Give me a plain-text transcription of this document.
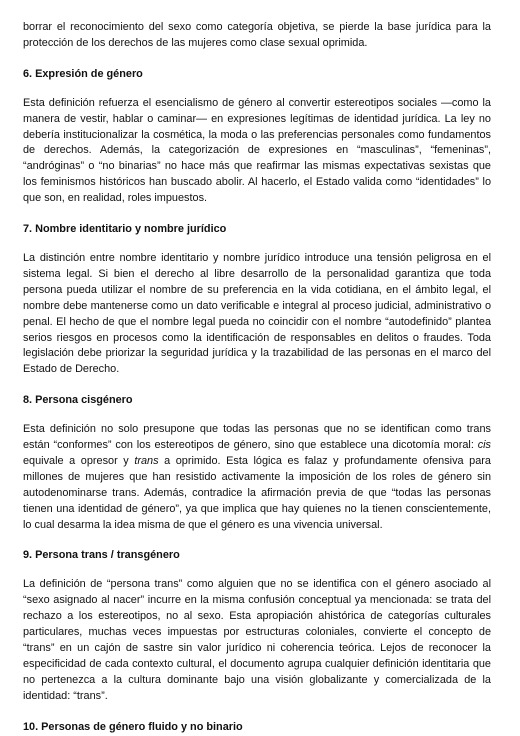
borrar el reconocimiento del sexo como categoría objetiva, se pierde la base jurídica para la protección de los derechos de las mujeres como clase sexual oprimida.

6. Expresión de género

Esta definición refuerza el esencialismo de género al convertir estereotipos sociales —como la manera de vestir, hablar o caminar— en expresiones legítimas de identidad jurídica. La ley no debería institucionalizar la cosmética, la moda o las preferencias personales como fundamentos de derechos. Además, la categorización de expresiones en “masculinas”, “femeninas”, “andróginas” o “no binarias” no hace más que reafirmar las mismas expectativas sexistas que los feminismos históricos han buscado abolir. Al hacerlo, el Estado valida como “identidades” lo que son, en realidad, roles impuestos.

7. Nombre identitario y nombre jurídico

La distinción entre nombre identitario y nombre jurídico introduce una tensión peligrosa en el sistema legal. Si bien el derecho al libre desarrollo de la personalidad garantiza que toda persona pueda utilizar el nombre de su preferencia en la vida cotidiana, en el ámbito legal, el nombre debe mantenerse como un dato verificable e integral al proceso judicial, administrativo o penal. El hecho de que el nombre legal pueda no coincidir con el nombre “autodefinido” plantea serios riesgos en procesos como la identificación de responsables en delitos o fraudes. Toda legislación debe priorizar la seguridad jurídica y la trazabilidad de las personas en el marco del Estado de Derecho.

8. Persona cisgénero

Esta definición no solo presupone que todas las personas que no se identifican como trans están “conformes” con los estereotipos de género, sino que establece una dicotomía moral: cis equivale a opresor y trans a oprimido. Esta lógica es falaz y profundamente ofensiva para millones de mujeres que han resistido activamente la imposición de los roles de género sin autodenominarse trans. Además, contradice la afirmación previa de que “todas las personas tienen una identidad de género”, ya que implica que hay quienes no la tienen conscientemente, lo cual desarma la idea misma de que el género es una vivencia universal.

9. Persona trans / transgénero

La definición de “persona trans” como alguien que no se identifica con el género asociado al “sexo asignado al nacer” incurre en la misma confusión conceptual ya mencionada: se trata del rechazo a los estereotipos, no al sexo. Esta apropiación ahistórica de categorías culturales particulares, muchas veces impuestas por estructuras coloniales, convierte el concepto de “trans” en un cajón de sastre sin valor jurídico ni coherencia teórica. Lejos de reconocer la especificidad de cada contexto cultural, el documento agrupa cualquier definición identitaria que no pertenezca a la cultura dominante bajo una visión globalizante y comercializada de la identidad: “trans”.

10. Personas de género fluido y no binario
